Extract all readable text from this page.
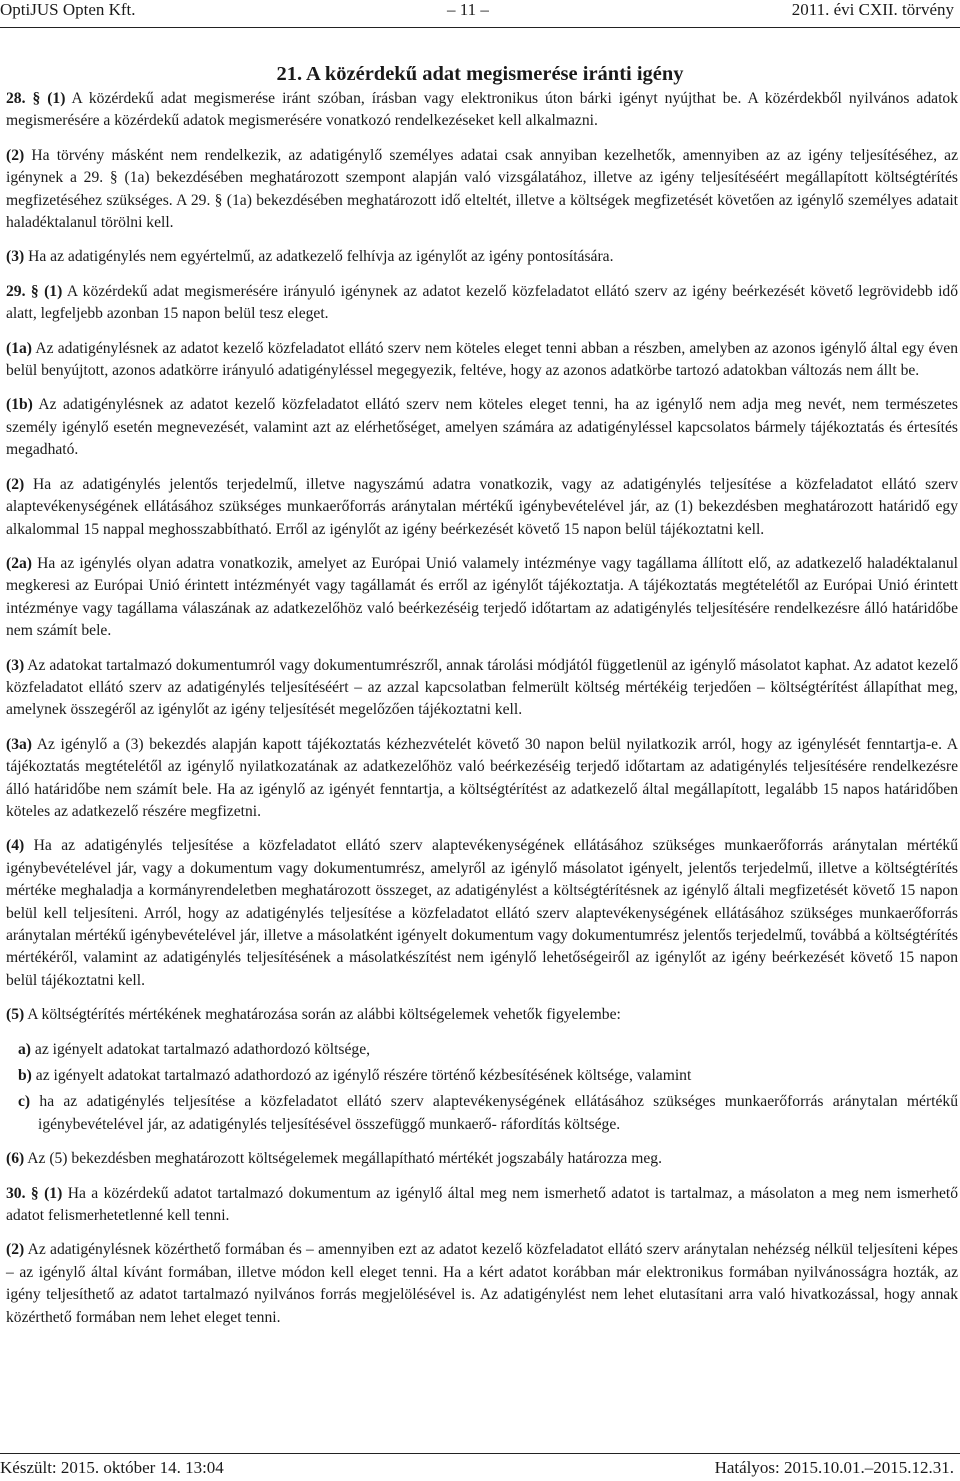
OptiJUS Opten Kft.	– 11 –	2011. évi CXII. törvény
21. A közérdekű adat megismerése iránti igény

28. § (1) A közérdekű adat megismerése iránt szóban, írásban vagy elektronikus úton bárki igényt nyújthat be. A közérdekből nyilvános adatok megismerésére a közérdekű adatok megismerésére vonatkozó rendelkezéseket kell alkalmazni.

(2) Ha törvény másként nem rendelkezik, az adatigénylő személyes adatai csak annyiban kezelhetők, amennyiben az az igény teljesítéséhez, az igénynek a 29. § (1a) bekezdésében meghatározott szempont alapján való vizsgálatához, illetve az igény teljesítéséért megállapított költségtérítés megfizetéséhez szükséges. A 29. § (1a) bekezdésében meghatározott idő elteltét, illetve a költségek megfizetését követően az igénylő személyes adatait haladéktalanul törölni kell.

(3) Ha az adatigénylés nem egyértelmű, az adatkezelő felhívja az igénylőt az igény pontosítására.

29. § (1) A közérdekű adat megismerésére irányuló igénynek az adatot kezelő közfeladatot ellátó szerv az igény beérkezését követő legrövidebb idő alatt, legfeljebb azonban 15 napon belül tesz eleget.

(1a) Az adatigénylésnek az adatot kezelő közfeladatot ellátó szerv nem köteles eleget tenni abban a részben, amelyben az azonos igénylő által egy éven belül benyújtott, azonos adatkörre irányuló adatigényléssel megegyezik, feltéve, hogy az azonos adatkörbe tartozó adatokban változás nem állt be.

(1b) Az adatigénylésnek az adatot kezelő közfeladatot ellátó szerv nem köteles eleget tenni, ha az igénylő nem adja meg nevét, nem természetes személy igénylő esetén megnevezését, valamint azt az elérhetőséget, amelyen számára az adatigényléssel kapcsolatos bármely tájékoztatás és értesítés megadható.

(2) Ha az adatigénylés jelentős terjedelmű, illetve nagyszámú adatra vonatkozik, vagy az adatigénylés teljesítése a közfeladatot ellátó szerv alaptevékenységének ellátásához szükséges munkaerőforrás aránytalan mértékű igénybevételével jár, az (1) bekezdésben meghatározott határidő egy alkalommal 15 nappal meghosszabbítható. Erről az igénylőt az igény beérkezését követő 15 napon belül tájékoztatni kell.

(2a) Ha az igénylés olyan adatra vonatkozik, amelyet az Európai Unió valamely intézménye vagy tagállama állított elő, az adatkezelő haladéktalanul megkeresi az Európai Unió érintett intézményét vagy tagállamát és erről az igénylőt tájékoztatja. A tájékoztatás megtételétől az Európai Unió érintett intézménye vagy tagállama válaszának az adatkezelőhöz való beérkezéséig terjedő időtartam az adatigénylés teljesítésére rendelkezésre álló határidőbe nem számít bele.

(3) Az adatokat tartalmazó dokumentumról vagy dokumentumrészről, annak tárolási módjától függetlenül az igénylő másolatot kaphat. Az adatot kezelő közfeladatot ellátó szerv az adatigénylés teljesítéséért – az azzal kapcsolatban felmerült költség mértékéig terjedően – költségtérítést állapíthat meg, amelynek összegéről az igénylőt az igény teljesítését megelőzően tájékoztatni kell.

(3a) Az igénylő a (3) bekezdés alapján kapott tájékoztatás kézhezvételét követő 30 napon belül nyilatkozik arról, hogy az igénylését fenntartja-e. A tájékoztatás megtételétől az igénylő nyilatkozatának az adatkezelőhöz való beérkezéséig terjedő időtartam az adatigénylés teljesítésére rendelkezésre álló határidőbe nem számít bele. Ha az igénylő az igényét fenntartja, a költségtérítést az adatkezelő által megállapított, legalább 15 napos határidőben köteles az adatkezelő részére megfizetni.

(4) Ha az adatigénylés teljesítése a közfeladatot ellátó szerv alaptevékenységének ellátásához szükséges munkaerőforrás aránytalan mértékű igénybevételével jár, vagy a dokumentum vagy dokumentumrész, amelyről az igénylő másolatot igényelt, jelentős terjedelmű, illetve a költségtérítés mértéke meghaladja a kormányrendeletben meghatározott összeget, az adatigénylést a költségtérítésnek az igénylő általi megfizetését követő 15 napon belül kell teljesíteni. Arról, hogy az adatigénylés teljesítése a közfeladatot ellátó szerv alaptevékenységének ellátásához szükséges munkaerőforrás aránytalan mértékű igénybevételével jár, illetve a másolatként igényelt dokumentum vagy dokumentumrész jelentős terjedelmű, továbbá a költségtérítés mértékéről, valamint az adatigénylés teljesítésének a másolatkészítést nem igénylő lehetőségeiről az igénylőt az igény beérkezését követő 15 napon belül tájékoztatni kell.

(5) A költségtérítés mértékének meghatározása során az alábbi költségelemek vehetők figyelembe:

a) az igényelt adatokat tartalmazó adathordozó költsége,

b) az igényelt adatokat tartalmazó adathordozó az igénylő részére történő kézbesítésének költsége, valamint

c) ha az adatigénylés teljesítése a közfeladatot ellátó szerv alaptevékenységének ellátásához szükséges munkaerőforrás aránytalan mértékű igénybevételével jár, az adatigénylés teljesítésével összefüggő munkaerő- ráfordítás költsége.

(6) Az (5) bekezdésben meghatározott költségelemek megállapítható mértékét jogszabály határozza meg.

30. § (1) Ha a közérdekű adatot tartalmazó dokumentum az igénylő által meg nem ismerhető adatot is tartalmaz, a másolaton a meg nem ismerhető adatot felismerhetetlenné kell tenni.

(2) Az adatigénylésnek közérthető formában és – amennyiben ezt az adatot kezelő közfeladatot ellátó szerv aránytalan nehézség nélkül teljesíteni képes – az igénylő által kívánt formában, illetve módon kell eleget tenni. Ha a kért adatot korábban már elektronikus formában nyilvánosságra hozták, az igény teljesíthető az adatot tartalmazó nyilvános forrás megjelölésével is. Az adatigénylést nem lehet elutasítani arra való hivatkozással, hogy annak közérthető formában nem lehet eleget tenni.

Készült: 2015. október 14. 13:04	Hatályos: 2015.10.01.–2015.12.31.
